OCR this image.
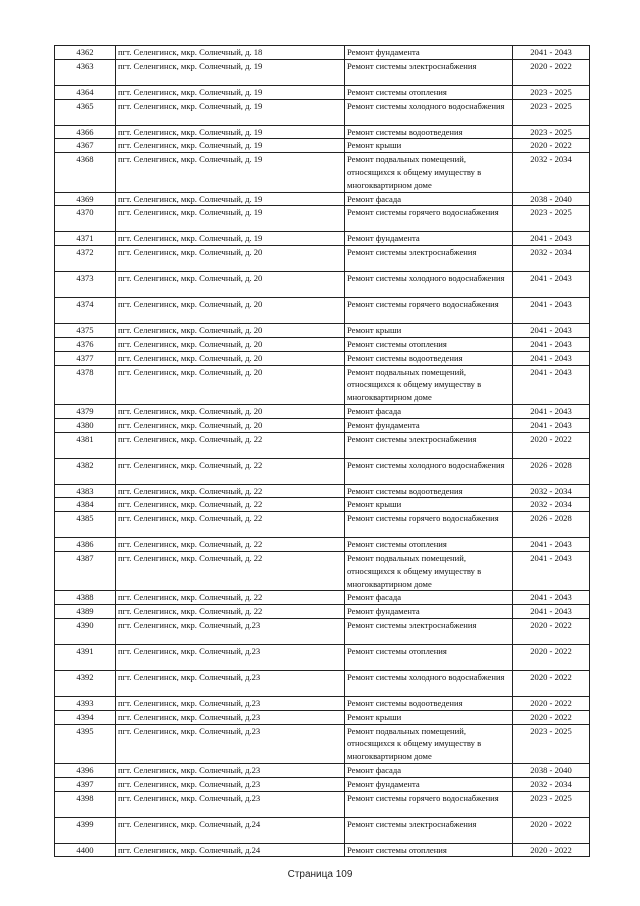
4362	пгт. Селенгинск, мкр. Солнечный, д. 18	Ремонт фундамента	2041 - 2043
4363	пгт. Селенгинск, мкр. Солнечный, д. 19	Ремонт системы электроснабжения	2020 - 2022
4364	пгт. Селенгинск, мкр. Солнечный, д. 19	Ремонт системы отопления	2023 - 2025
4365	пгт. Селенгинск, мкр. Солнечный, д. 19	Ремонт системы холодного водоснабжения	2023 - 2025
4366	пгт. Селенгинск, мкр. Солнечный, д. 19	Ремонт системы водоотведения	2023 - 2025
4367	пгт. Селенгинск, мкр. Солнечный, д. 19	Ремонт крыши	2020 - 2022
4368	пгт. Селенгинск, мкр. Солнечный, д. 19	Ремонт подвальных помещений, относящихся к общему имуществу в многоквартирном доме	2032 - 2034
4369	пгт. Селенгинск, мкр. Солнечный, д. 19	Ремонт фасада	2038 - 2040
4370	пгт. Селенгинск, мкр. Солнечный, д. 19	Ремонт системы горячего водоснабжения	2023 - 2025
4371	пгт. Селенгинск, мкр. Солнечный, д. 19	Ремонт фундамента	2041 - 2043
4372	пгт. Селенгинск, мкр. Солнечный, д. 20	Ремонт системы электроснабжения	2032 - 2034
4373	пгт. Селенгинск, мкр. Солнечный, д. 20	Ремонт системы холодного водоснабжения	2041 - 2043
4374	пгт. Селенгинск, мкр. Солнечный, д. 20	Ремонт системы горячего водоснабжения	2041 - 2043
4375	пгт. Селенгинск, мкр. Солнечный, д. 20	Ремонт крыши	2041 - 2043
4376	пгт. Селенгинск, мкр. Солнечный, д. 20	Ремонт системы отопления	2041 - 2043
4377	пгт. Селенгинск, мкр. Солнечный, д. 20	Ремонт системы водоотведения	2041 - 2043
4378	пгт. Селенгинск, мкр. Солнечный, д. 20	Ремонт подвальных помещений, относящихся к общему имуществу в многоквартирном доме	2041 - 2043
4379	пгт. Селенгинск, мкр. Солнечный, д. 20	Ремонт фасада	2041 - 2043
4380	пгт. Селенгинск, мкр. Солнечный, д. 20	Ремонт фундамента	2041 - 2043
4381	пгт. Селенгинск, мкр. Солнечный, д. 22	Ремонт системы электроснабжения	2020 - 2022
4382	пгт. Селенгинск, мкр. Солнечный, д. 22	Ремонт системы холодного водоснабжения	2026 - 2028
4383	пгт. Селенгинск, мкр. Солнечный, д. 22	Ремонт системы водоотведения	2032 - 2034
4384	пгт. Селенгинск, мкр. Солнечный, д. 22	Ремонт крыши	2032 - 2034
4385	пгт. Селенгинск, мкр. Солнечный, д. 22	Ремонт системы горячего водоснабжения	2026 - 2028
4386	пгт. Селенгинск, мкр. Солнечный, д. 22	Ремонт системы отопления	2041 - 2043
4387	пгт. Селенгинск, мкр. Солнечный, д. 22	Ремонт подвальных помещений, относящихся к общему имуществу в многоквартирном доме	2041 - 2043
4388	пгт. Селенгинск, мкр. Солнечный, д. 22	Ремонт фасада	2041 - 2043
4389	пгт. Селенгинск, мкр. Солнечный, д. 22	Ремонт фундамента	2041 - 2043
4390	пгт. Селенгинск, мкр. Солнечный, д.23	Ремонт системы электроснабжения	2020 - 2022
4391	пгт. Селенгинск, мкр. Солнечный, д.23	Ремонт системы отопления	2020 - 2022
4392	пгт. Селенгинск, мкр. Солнечный, д.23	Ремонт системы холодного водоснабжения	2020 - 2022
4393	пгт. Селенгинск, мкр. Солнечный, д.23	Ремонт системы водоотведения	2020 - 2022
4394	пгт. Селенгинск, мкр. Солнечный, д.23	Ремонт крыши	2020 - 2022
4395	пгт. Селенгинск, мкр. Солнечный, д.23	Ремонт подвальных помещений, относящихся к общему имуществу в многоквартирном доме	2023 - 2025
4396	пгт. Селенгинск, мкр. Солнечный, д.23	Ремонт фасада	2038 - 2040
4397	пгт. Селенгинск, мкр. Солнечный, д.23	Ремонт фундамента	2032 - 2034
4398	пгт. Селенгинск, мкр. Солнечный, д.23	Ремонт системы горячего водоснабжения	2023 - 2025
4399	пгт. Селенгинск, мкр. Солнечный, д.24	Ремонт системы электроснабжения	2020 - 2022
4400	пгт. Селенгинск, мкр. Солнечный, д.24	Ремонт системы отопления	2020 - 2022
Страница 109
